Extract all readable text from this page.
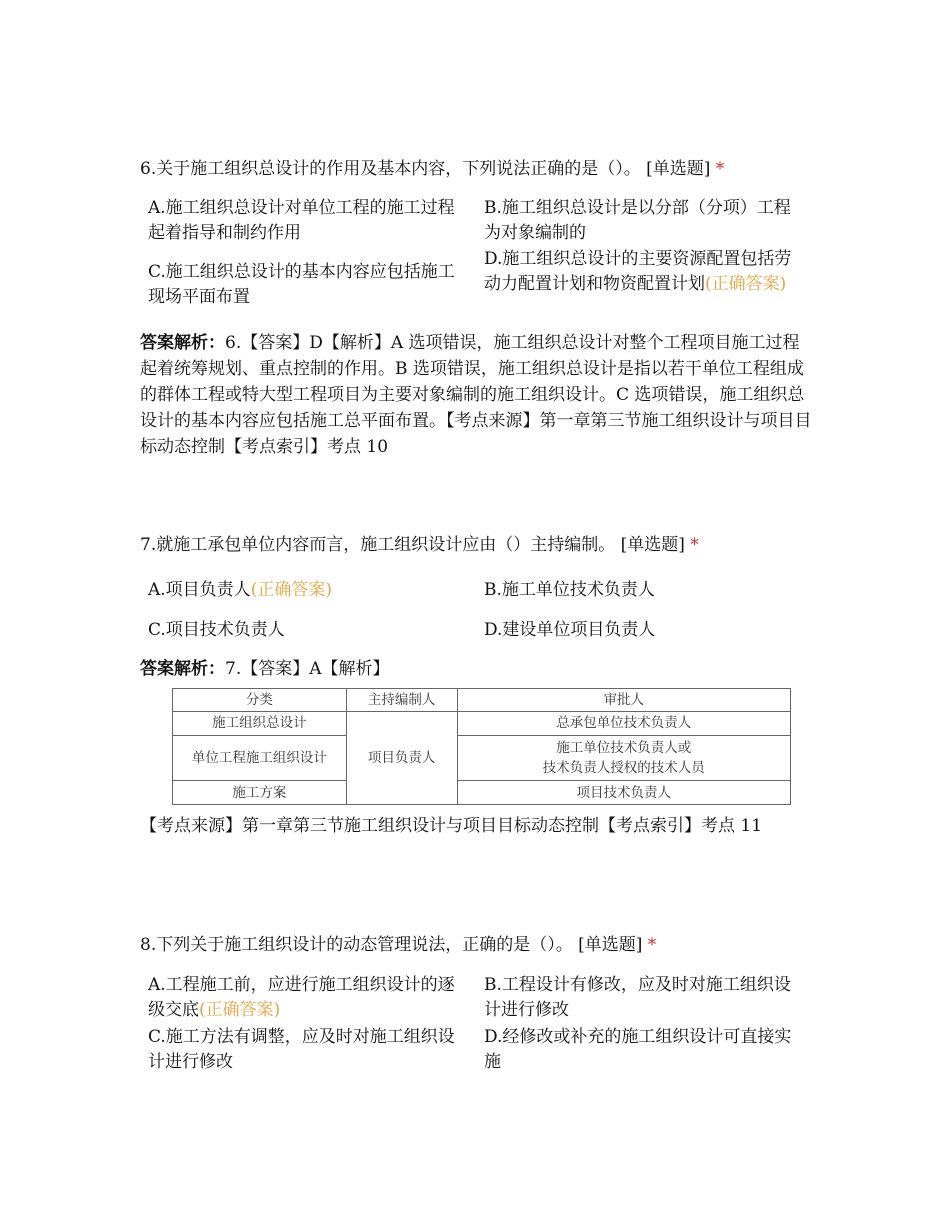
6.关于施工组织总设计的作用及基本内容，下列说法正确的是（）。 [单选题] *
A.施工组织总设计对单位工程的施工过程起着指导和制约作用
B.施工组织总设计是以分部（分项）工程为对象编制的
C.施工组织总设计的基本内容应包括施工现场平面布置
D.施工组织总设计的主要资源配置包括劳动力配置计划和物资配置计划(正确答案)
答案解析：6.【答案】D【解析】A 选项错误，施工组织总设计对整个工程项目施工过程起着统筹规划、重点控制的作用。B 选项错误，施工组织总设计是指以若干单位工程组成的群体工程或特大型工程项目为主要对象编制的施工组织设计。C 选项错误，施工组织总设计的基本内容应包括施工总平面布置。【考点来源】第一章第三节施工组织设计与项目目标动态控制【考点索引】考点 10
7.就施工承包单位内容而言，施工组织设计应由（）主持编制。 [单选题] *
A.项目负责人(正确答案)	B.施工单位技术负责人
C.项目技术负责人	D.建设单位项目负责人
答案解析：7.【答案】A【解析】
分类	主持编制人	审批人
施工组织总设计	项目负责人	总承包单位技术负责人
单位工程施工组织设计		施工单位技术负责人或
技术负责人授权的技术人员

施工方案		项目技术负责人
【考点来源】第一章第三节施工组织设计与项目目标动态控制【考点索引】考点 11
8.下列关于施工组织设计的动态管理说法，正确的是（）。 [单选题] *
A.工程施工前，应进行施工组织设计的逐级交底(正确答案)
B.工程设计有修改，应及时对施工组织设计进行修改
C.施工方法有调整，应及时对施工组织设计进行修改
D.经修改或补充的施工组织设计可直接实施
